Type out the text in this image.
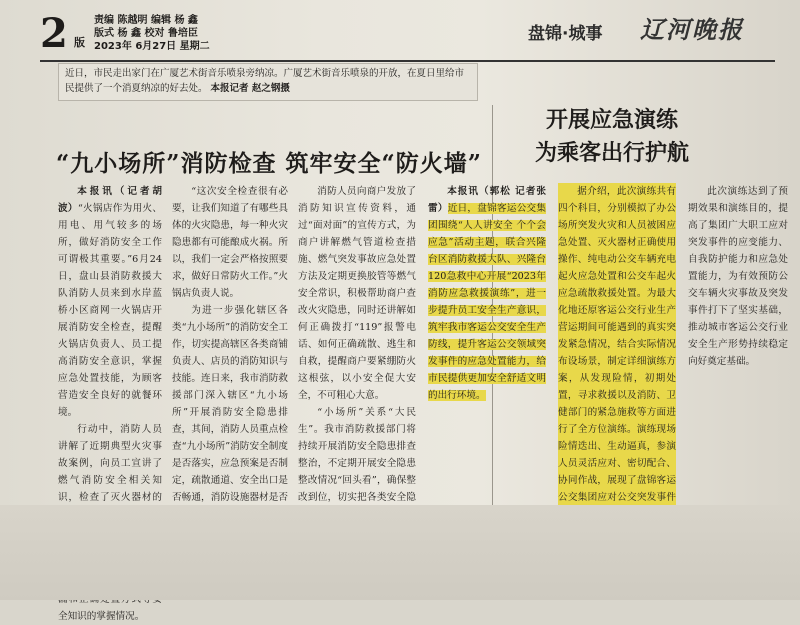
2 版
责编 陈越明 编辑 杨 鑫
版式 杨 鑫 校对 鲁培臣
2023年 6月27日 星期二
盘锦·城事 辽河晚报

近日，市民走出家门在广厦艺术街音乐喷泉旁纳凉。广厦艺术街音乐喷泉的开放，在夏日里给市民提供了一个消夏纳凉的好去处。 本报记者 赵之钢摄

“九小场所”消防检查 筑牢安全“防火墙”
开展应急演练
为乘客出行护航

本报讯（记者胡波）“火锅店作为用火、用电、用气较多的场所，做好消防安全工作可谓极其重要。”6月24日，盘山县消防救援大队消防人员来到水岸蓝桥小区商网一火锅店开展消防安全检查，提醒火锅店负责人、员工提高消防安全意识，掌握应急处置技能，为顾客营造安全良好的就餐环境。

行动中，消防人员讲解了近期典型火灾事故案例，向员工宣讲了燃气消防安全相关知识，检查了灭火器材的 全知识的掌握情况。

“这次安全检查很有必要，让我们知道了有哪些具体的火灾隐患，每一种火灾隐患都有可能酿成火祸。所以，我们一定会严格按照要求，做好日常防火工作。”火锅店负责人说。

为进一步强化辖区各类“九小场所”的消防安全工作，切实提高辖区各类商铺负责人、店员的消防知识与技能。连日来，我市消防救援部门深入辖区“九小场所”开展消防安全隐患排查，其间，消防人员重点检查“九小场所”消防安全制度是否落实，应急预案是否制定，疏散通道、安全出口是否畅通，消防设施器材是否

消防人员向商户发放了消防知识宣传资料，通过“面对面”的宣传方式，为商户讲解燃气管道检查措施、燃气突发事故应急处置方法及定期更换胶管等燃气安全常识，积极帮助商户查改火灾隐患，同时还讲解如何正确拨打“119”报警电话、如何正确疏散、逃生和自救，提醒商户要紧绷防火这根弦，以小安全促大安全，不可粗心大意。

“小场所”关系“大民生”。我市消防救援部门将持续开展消防安全隐患排查整治，不定期开展安全隐患整改情况“回头看”，确保整改到位，切实把各类安全隐

本报讯（郭松 记者张雷）近日，盘锦客运公交集团围绕“人人讲安全 个个会应急”活动主题，联合兴隆台区消防救援大队、兴隆台120急救中心开展“2023年消防应急救援演练”，进一步提升员工安全生产意识，筑牢我市客运公交安全生产防线，提升客运公交领域突发事件的应急处置能力，给市民提供更加安全舒适文明的出行环境。

据介绍，此次演练共有四个科目，分别模拟了办公场所突发火灾和人员被困应急处置、灭火器材正确使用操作、纯电动公交车辆充电起火应急处置和公交车起火应急疏散救援处置。为最大化地还原客运公交行业生产营运期间可能遇到的真实突发紧急情况，结合实际情况布设场景，制定详细演练方案，从发现险情，初期处置，寻求救援以及消防、卫健部门的紧急施救等方面进行了全方位演练。演练现场险情迭出、生动逼真，参演人员灵活应对、密切配合、协同作战，展现了盘锦客运公交集团应对公交突发事件

此次演练达到了预期效果和演练目的，提高了集团广大职工应对突发事件的应变能力、自我防护能力和应急处置能力，为有效预防公交车辆火灾事故及突发事件打下了坚实基础，推动城市客运公交行业安全生产形势持续稳定向好奠定基础。
